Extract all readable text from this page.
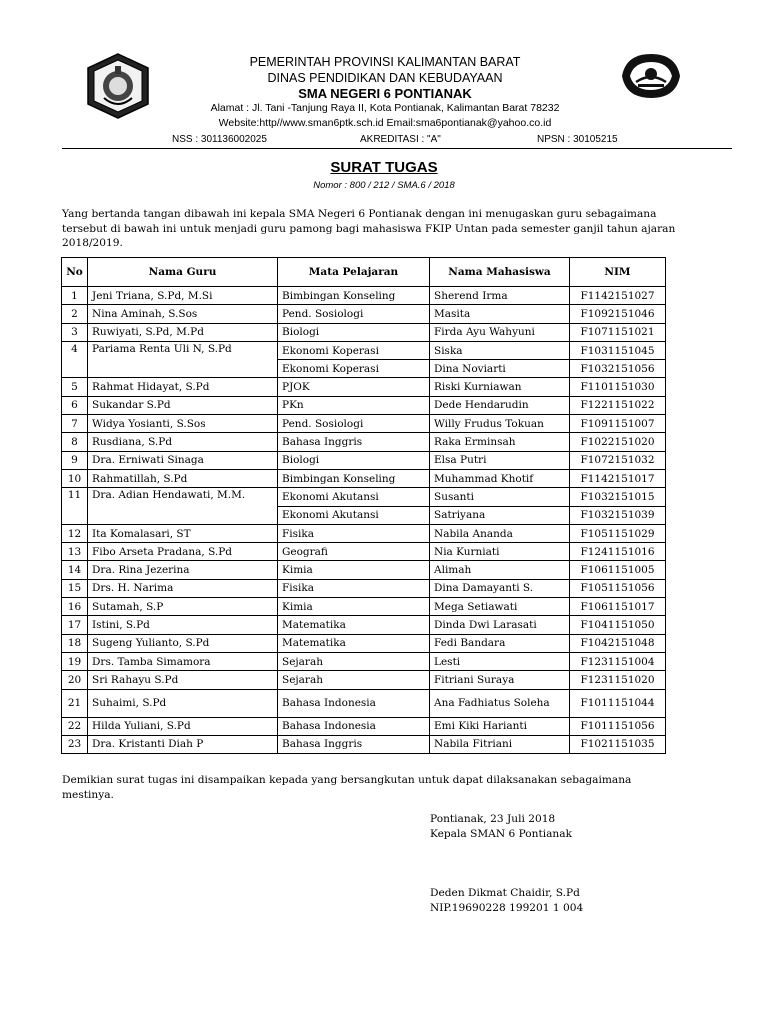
PEMERINTAH PROVINSI KALIMANTAN BARAT
DINAS PENDIDIKAN DAN KEBUDAYAAN
SMA NEGERI 6 PONTIANAK
Alamat : Jl. Tani -Tanjung Raya II, Kota Pontianak, Kalimantan Barat 78232
Website:http//www.sman6ptk.sch.id Email:sma6pontianak@yahoo.co.id
NSS : 301136002025	AKREDITASI : "A"	NPSN : 30105215
SURAT TUGAS
Nomor : 800 / 212 / SMA.6 / 2018
Yang bertanda tangan dibawah ini kepala SMA Negeri 6 Pontianak dengan ini menugaskan guru sebagaimana tersebut di bawah ini untuk menjadi guru pamong bagi mahasiswa FKIP Untan pada semester ganjil tahun ajaran 2018/2019.
No	Nama Guru	Mata Pelajaran	Nama Mahasiswa	NIM
1	Jeni Triana, S.Pd, M.Si	Bimbingan Konseling	Sherend Irma	F1142151027
2	Nina Aminah, S.Sos	Pend. Sosiologi	Masita	F1092151046
3	Ruwiyati, S.Pd, M.Pd	Biologi	Firda Ayu Wahyuni	F1071151021
4	Pariama Renta Uli N, S.Pd	Ekonomi Koperasi	Siska	F1031151045
		Ekonomi Koperasi	Dina Noviarti	F1032151056
5	Rahmat Hidayat, S.Pd	PJOK	Riski Kurniawan	F1101151030
6	Sukandar S.Pd	PKn	Dede Hendarudin	F1221151022
7	Widya Yosianti, S.Sos	Pend. Sosiologi	Willy Frudus Tokuan	F1091151007
8	Rusdiana, S.Pd	Bahasa Inggris	Raka Erminsah	F1022151020
9	Dra. Erniwati Sinaga	Biologi	Elsa Putri	F1072151032
10	Rahmatillah, S.Pd	Bimbingan Konseling	Muhammad Khotif	F1142151017
11	Dra. Adian Hendawati, M.M.	Ekonomi Akutansi	Susanti	F1032151015
		Ekonomi Akutansi	Satriyana	F1032151039
12	Ita Komalasari, ST	Fisika	Nabila Ananda	F1051151029
13	Fibo Arseta Pradana, S.Pd	Geografi	Nia Kurniati	F1241151016
14	Dra. Rina Jezerina	Kimia	Alimah	F1061151005
15	Drs. H. Narima	Fisika	Dina Damayanti S.	F1051151056
16	Sutamah, S.P	Kimia	Mega Setiawati	F1061151017
17	Istini, S.Pd	Matematika	Dinda Dwi Larasati	F1041151050
18	Sugeng Yulianto, S.Pd	Matematika	Fedi Bandara	F1042151048
19	Drs. Tamba Simamora	Sejarah	Lesti	F1231151004
20	Sri Rahayu S.Pd	Sejarah	Fitriani Suraya	F1231151020
21	Suhaimi, S.Pd	Bahasa Indonesia	Ana Fadhiatus Soleha	F1011151044
22	Hilda Yuliani, S.Pd	Bahasa Indonesia	Emi Kiki Harianti	F1011151056
23	Dra. Kristanti Diah P	Bahasa Inggris	Nabila Fitriani	F1021151035
Demikian surat tugas ini disampaikan kepada yang bersangkutan untuk dapat dilaksanakan sebagaimana mestinya.
Pontianak, 23 Juli 2018
Kepala SMAN 6 Pontianak
Deden Dikmat Chaidir, S.Pd
NIP.19690228 199201 1 004
